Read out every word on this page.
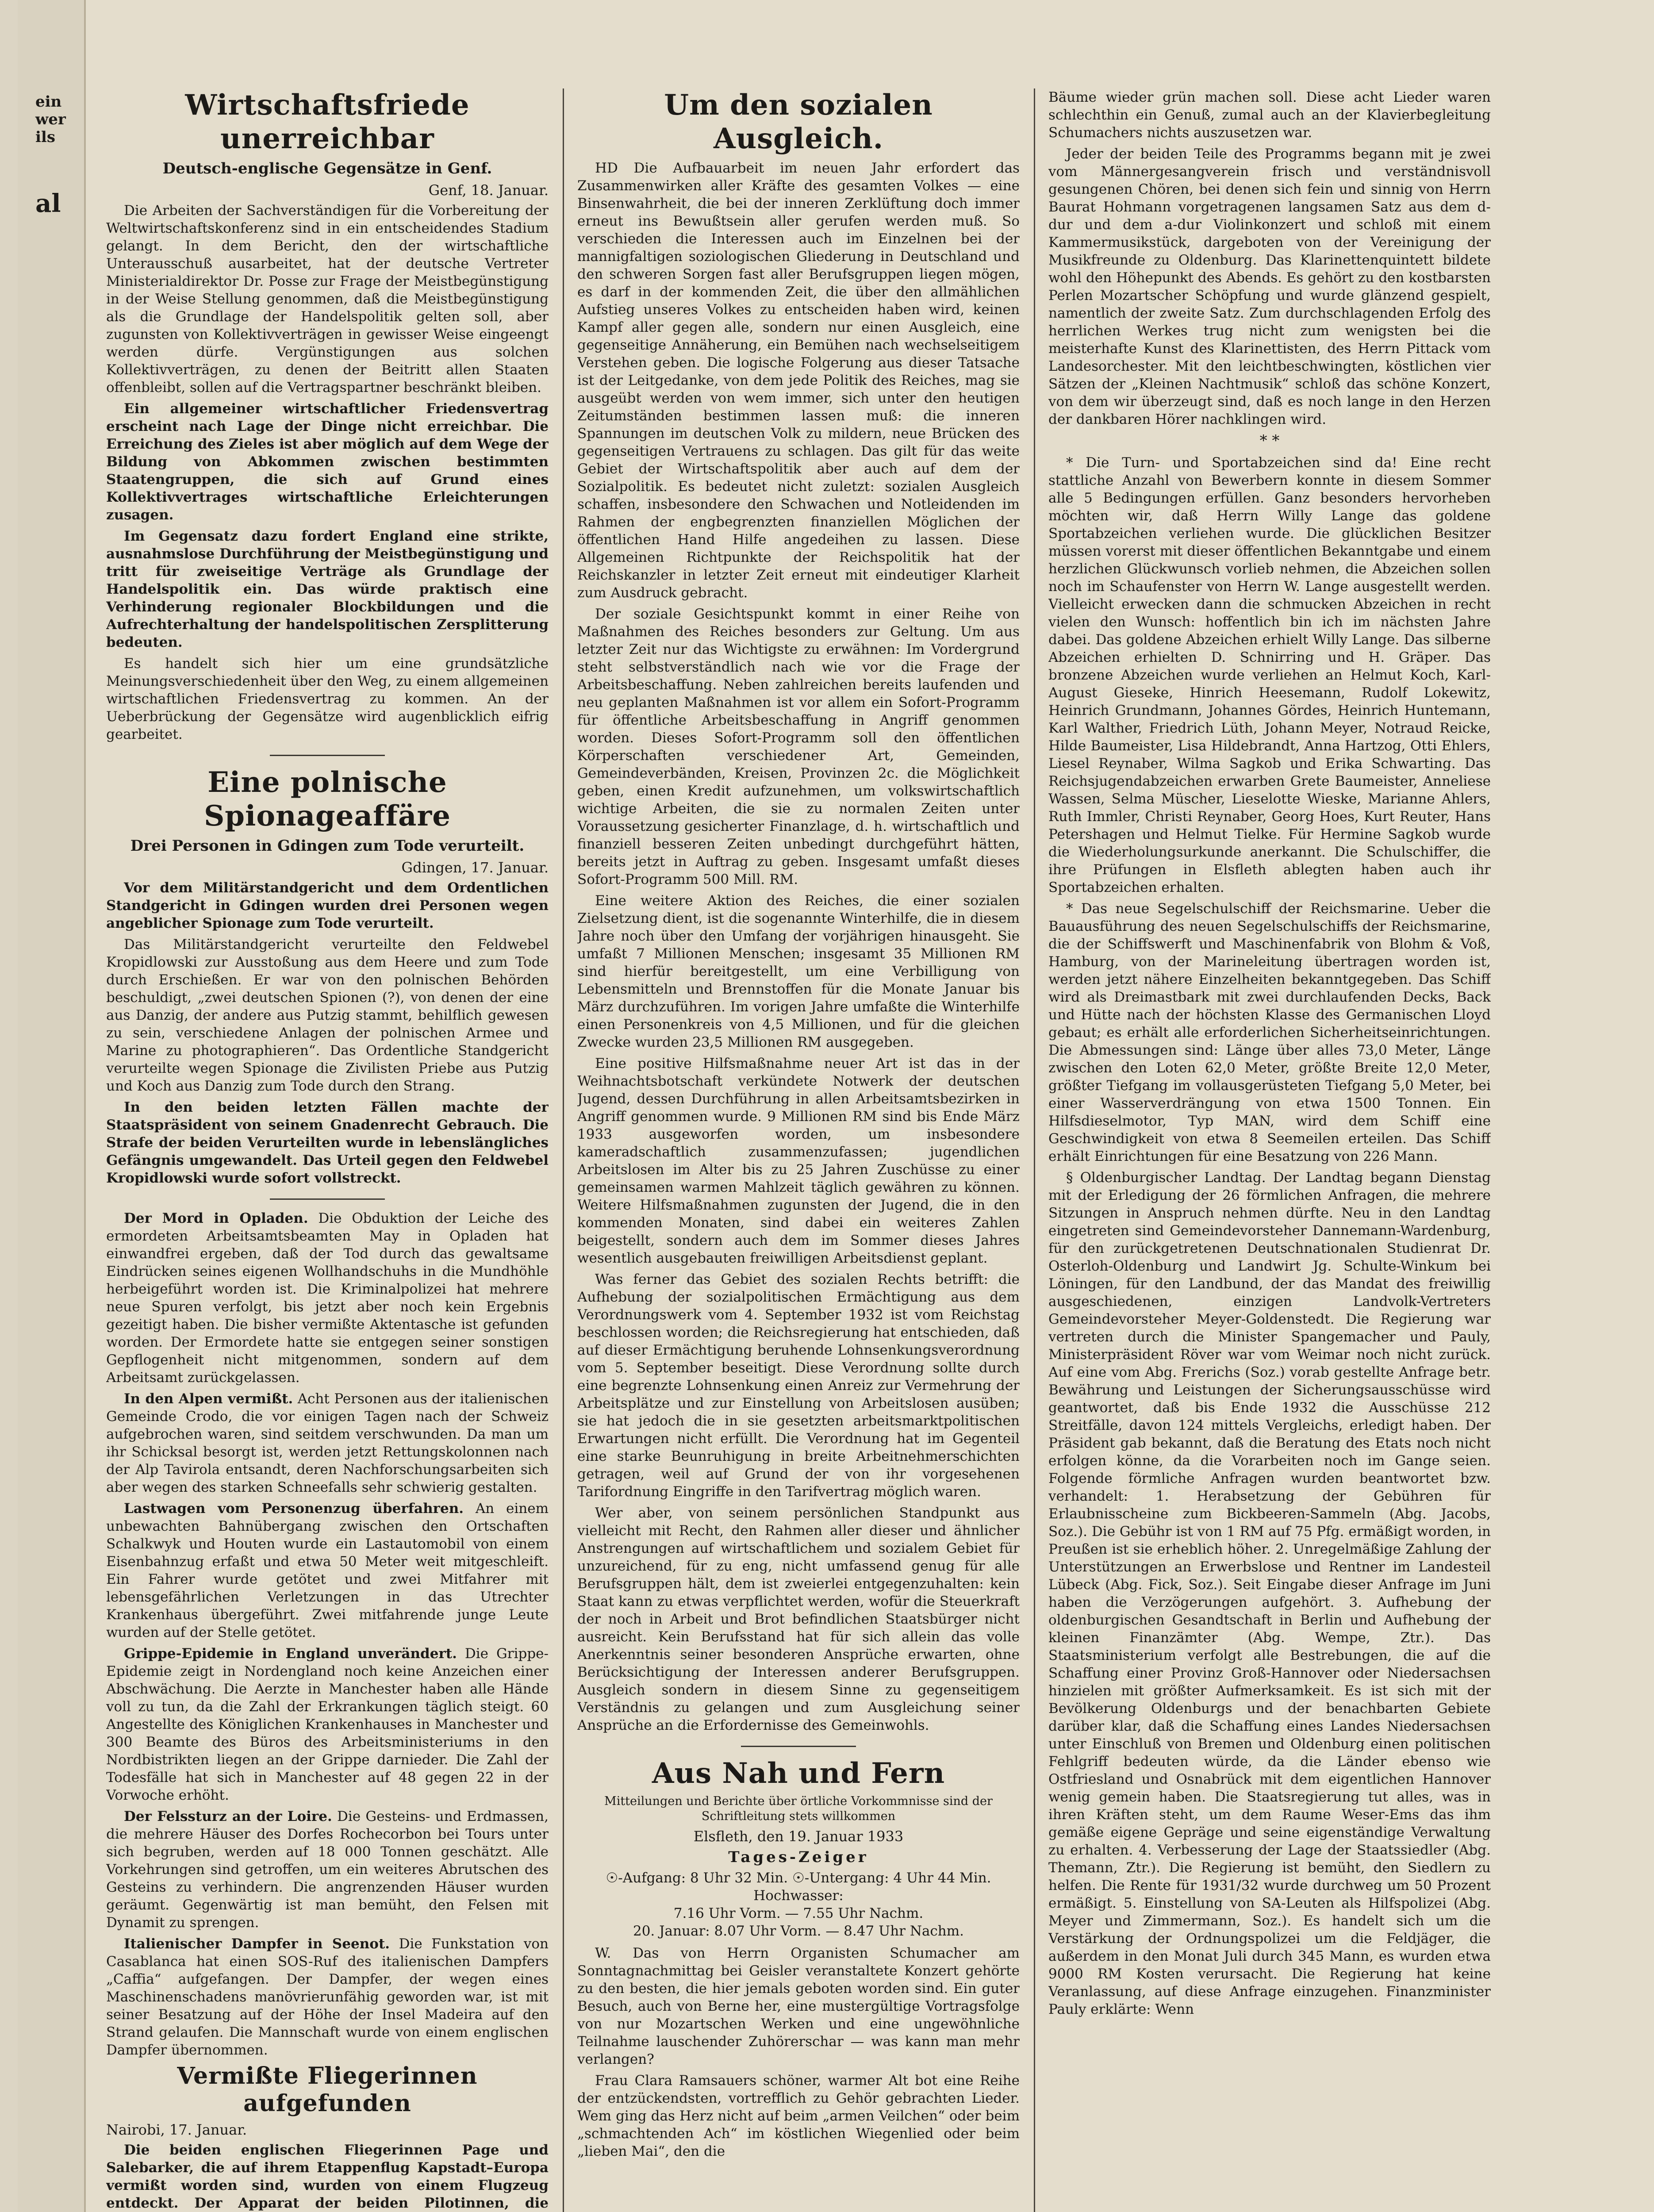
ein
wer
ils
al
Wirtschaftsfriede unerreichbar
Deutsch-englische Gegensätze in Genf.
Genf, 18. Januar.

Die Arbeiten der Sachverständigen für die Vorbereitung der Weltwirtschaftskonferenz sind in ein entscheidendes Stadium gelangt. In dem Bericht, den der wirtschaftliche Unterausschuß ausarbeitet, hat der deutsche Vertreter Ministerialdirektor Dr. Posse zur Frage der Meistbegünstigung in der Weise Stellung genommen, daß die Meistbegünstigung als die Grundlage der Handelspolitik gelten soll, aber zugunsten von Kollektivverträgen in gewisser Weise eingeengt werden dürfe. Vergünstigungen aus solchen Kollektivverträgen, zu denen der Beitritt allen Staaten offenbleibt, sollen auf die Vertragspartner beschränkt bleiben.

Ein allgemeiner wirtschaftlicher Friedensvertrag erscheint nach Lage der Dinge nicht erreichbar. Die Erreichung des Zieles ist aber möglich auf dem Wege der Bildung von Abkommen zwischen bestimmten Staatengruppen, die sich auf Grund eines Kollektivvertrages wirtschaftliche Erleichterungen zusagen.

Im Gegensatz dazu fordert England eine strikte, ausnahmslose Durchführung der Meistbegünstigung und tritt für zweiseitige Verträge als Grundlage der Handelspolitik ein. Das würde praktisch eine Verhinderung regionaler Blockbildungen und die Aufrechterhaltung der handelspolitischen Zersplitterung bedeuten.

Es handelt sich hier um eine grundsätzliche Meinungsverschiedenheit über den Weg, zu einem allgemeinen wirtschaftlichen Friedensvertrag zu kommen. An der Ueberbrückung der Gegensätze wird augenblicklich eifrig gearbeitet.

Eine polnische Spionageaffäre
Drei Personen in Gdingen zum Tode verurteilt.
Gdingen, 17. Januar.

Vor dem Militärstandgericht und dem Ordentlichen Standgericht in Gdingen wurden drei Personen wegen angeblicher Spionage zum Tode verurteilt.

Das Militärstandgericht verurteilte den Feldwebel Kropidlowski zur Ausstoßung aus dem Heere und zum Tode durch Erschießen. Er war von den polnischen Behörden beschuldigt, „zwei deutschen Spionen (?), von denen der eine aus Danzig, der andere aus Putzig stammt, behilflich gewesen zu sein, verschiedene Anlagen der polnischen Armee und Marine zu photographieren“. Das Ordentliche Standgericht verurteilte wegen Spionage die Zivilisten Priebe aus Putzig und Koch aus Danzig zum Tode durch den Strang.

In den beiden letzten Fällen machte der Staatspräsident von seinem Gnadenrecht Gebrauch. Die Strafe der beiden Verurteilten wurde in lebenslängliches Gefängnis umgewandelt. Das Urteil gegen den Feldwebel Kropidlowski wurde sofort vollstreckt.

Der Mord in Opladen. Die Obduktion der Leiche des ermordeten Arbeitsamtsbeamten May in Opladen hat einwandfrei ergeben, daß der Tod durch das gewaltsame Eindrücken seines eigenen Wollhandschuhs in die Mundhöhle herbeigeführt worden ist. Die Kriminalpolizei hat mehrere neue Spuren verfolgt, bis jetzt aber noch kein Ergebnis gezeitigt haben. Die bisher vermißte Aktentasche ist gefunden worden. Der Ermordete hatte sie entgegen seiner sonstigen Gepflogenheit nicht mitgenommen, sondern auf dem Arbeitsamt zurückgelassen.

In den Alpen vermißt. Acht Personen aus der italienischen Gemeinde Crodo, die vor einigen Tagen nach der Schweiz aufgebrochen waren, sind seitdem verschwunden. Da man um ihr Schicksal besorgt ist, werden jetzt Rettungskolonnen nach der Alp Tavirola entsandt, deren Nachforschungsarbeiten sich aber wegen des starken Schneefalls sehr schwierig gestalten.

Lastwagen vom Personenzug überfahren. An einem unbewachten Bahnübergang zwischen den Ortschaften Schalkwyk und Houten wurde ein Lastautomobil von einem Eisenbahnzug erfaßt und etwa 50 Meter weit mitgeschleift. Ein Fahrer wurde getötet und zwei Mitfahrer mit lebensgefährlichen Verletzungen in das Utrechter Krankenhaus übergeführt. Zwei mitfahrende junge Leute wurden auf der Stelle getötet.

Grippe-Epidemie in England unverändert. Die Grippe-Epidemie zeigt in Nordengland noch keine Anzeichen einer Abschwächung. Die Aerzte in Manchester haben alle Hände voll zu tun, da die Zahl der Erkrankungen täglich steigt. 60 Angestellte des Königlichen Krankenhauses in Manchester und 300 Beamte des Büros des Arbeitsministeriums in den Nordbistrikten liegen an der Grippe darnieder. Die Zahl der Todesfälle hat sich in Manchester auf 48 gegen 22 in der Vorwoche erhöht.

Der Felssturz an der Loire. Die Gesteins- und Erdmassen, die mehrere Häuser des Dorfes Rochecorbon bei Tours unter sich begruben, werden auf 18 000 Tonnen geschätzt. Alle Vorkehrungen sind getroffen, um ein weiteres Abrutschen des Gesteins zu verhindern. Die angrenzenden Häuser wurden geräumt. Gegenwärtig ist man bemüht, den Felsen mit Dynamit zu sprengen.

Italienischer Dampfer in Seenot. Die Funkstation von Casablanca hat einen SOS-Ruf des italienischen Dampfers „Caffia“ aufgefangen. Der Dampfer, der wegen eines Maschinenschadens manövrierunfähig geworden war, ist mit seiner Besatzung auf der Höhe der Insel Madeira auf den Strand gelaufen. Die Mannschaft wurde von einem englischen Dampfer übernommen.

Vermißte Fliegerinnen aufgefunden
Nairobi, 17. Januar.

Die beiden englischen Fliegerinnen Page und Salebarker, die auf ihrem Etappenflug Kapstadt–Europa vermißt worden sind, wurden von einem Flugzeug entdeckt. Der Apparat der beiden Pilotinnen, die

Um den sozialen Ausgleich.

HD Die Aufbauarbeit im neuen Jahr erfordert das Zusammenwirken aller Kräfte des gesamten Volkes — eine Binsenwahrheit, die bei der inneren Zerklüftung doch immer erneut ins Bewußtsein aller gerufen werden muß. So verschieden die Interessen auch im Einzelnen bei der mannigfaltigen soziologischen Gliederung in Deutschland und den schweren Sorgen fast aller Berufsgruppen liegen mögen, es darf in der kommenden Zeit, die über den allmählichen Aufstieg unseres Volkes zu entscheiden haben wird, keinen Kampf aller gegen alle, sondern nur einen Ausgleich, eine gegenseitige Annäherung, ein Bemühen nach wechselseitigem Verstehen geben. Die logische Folgerung aus dieser Tatsache ist der Leitgedanke, von dem jede Politik des Reiches, mag sie ausgeübt werden von wem immer, sich unter den heutigen Zeitumständen bestimmen lassen muß: die inneren Spannungen im deutschen Volk zu mildern, neue Brücken des gegenseitigen Vertrauens zu schlagen. Das gilt für das weite Gebiet der Wirtschaftspolitik aber auch auf dem der Sozialpolitik. Es bedeutet nicht zuletzt: sozialen Ausgleich schaffen, insbesondere den Schwachen und Notleidenden im Rahmen der engbegrenzten finanziellen Möglichen der öffentlichen Hand Hilfe angedeihen zu lassen. Diese Allgemeinen Richtpunkte der Reichspolitik hat der Reichskanzler in letzter Zeit erneut mit eindeutiger Klarheit zum Ausdruck gebracht.

Der soziale Gesichtspunkt kommt in einer Reihe von Maßnahmen des Reiches besonders zur Geltung. Um aus letzter Zeit nur das Wichtigste zu erwähnen: Im Vordergrund steht selbstverständlich nach wie vor die Frage der Arbeitsbeschaffung. Neben zahlreichen bereits laufenden und neu geplanten Maßnahmen ist vor allem ein Sofort-Programm für öffentliche Arbeitsbeschaffung in Angriff genommen worden. Dieses Sofort-Programm soll den öffentlichen Körperschaften verschiedener Art, Gemeinden, Gemeindeverbänden, Kreisen, Provinzen 2c. die Möglichkeit geben, einen Kredit aufzunehmen, um volkswirtschaftlich wichtige Arbeiten, die sie zu normalen Zeiten unter Voraussetzung gesicherter Finanzlage, d. h. wirtschaftlich und finanziell besseren Zeiten unbedingt durchgeführt hätten, bereits jetzt in Auftrag zu geben. Insgesamt umfaßt dieses Sofort-Programm 500 Mill. RM.

Eine weitere Aktion des Reiches, die einer sozialen Zielsetzung dient, ist die sogenannte Winterhilfe, die in diesem Jahre noch über den Umfang der vorjährigen hinausgeht. Sie umfaßt 7 Millionen Menschen; insgesamt 35 Millionen RM sind hierfür bereitgestellt, um eine Verbilligung von Lebensmitteln und Brennstoffen für die Monate Januar bis März durchzuführen. Im vorigen Jahre umfaßte die Winterhilfe einen Personenkreis von 4,5 Millionen, und für die gleichen Zwecke wurden 23,5 Millionen RM ausgegeben.

Eine positive Hilfsmaßnahme neuer Art ist das in der Weihnachtsbotschaft verkündete Notwerk der deutschen Jugend, dessen Durchführung in allen Arbeitsamtsbezirken in Angriff genommen wurde. 9 Millionen RM sind bis Ende März 1933 ausgeworfen worden, um insbesondere kameradschaftlich zusammenzufassen; jugendlichen Arbeitslosen im Alter bis zu 25 Jahren Zuschüsse zu einer gemeinsamen warmen Mahlzeit täglich gewähren zu können. Weitere Hilfsmaßnahmen zugunsten der Jugend, die in den kommenden Monaten, sind dabei ein weiteres Zahlen beigestellt, sondern auch dem im Sommer dieses Jahres wesentlich ausgebauten freiwilligen Arbeitsdienst geplant.

Was ferner das Gebiet des sozialen Rechts betrifft: die Aufhebung der sozialpolitischen Ermächtigung aus dem Verordnungswerk vom 4. September 1932 ist vom Reichstag beschlossen worden; die Reichsregierung hat entschieden, daß auf dieser Ermächtigung beruhende Lohnsenkungsverordnung vom 5. September beseitigt. Diese Verordnung sollte durch eine begrenzte Lohnsenkung einen Anreiz zur Vermehrung der Arbeitsplätze und zur Einstellung von Arbeitslosen ausüben; sie hat jedoch die in sie gesetzten arbeitsmarktpolitischen Erwartungen nicht erfüllt. Die Verordnung hat im Gegenteil eine starke Beunruhigung in breite Arbeitnehmerschichten getragen, weil auf Grund der von ihr vorgesehenen Tarifordnung Eingriffe in den Tarifvertrag möglich waren.

Wer aber, von seinem persönlichen Standpunkt aus vielleicht mit Recht, den Rahmen aller dieser und ähnlicher Anstrengungen auf wirtschaftlichem und sozialem Gebiet für unzureichend, für zu eng, nicht umfassend genug für alle Berufsgruppen hält, dem ist zweierlei entgegenzuhalten: kein Staat kann zu etwas verpflichtet werden, wofür die Steuerkraft der noch in Arbeit und Brot befindlichen Staatsbürger nicht ausreicht. Kein Berufsstand hat für sich allein das volle Anerkenntnis seiner besonderen Ansprüche erwarten, ohne Berücksichtigung der Interessen anderer Berufsgruppen. Ausgleich sondern in diesem Sinne zu gegenseitigem Verständnis zu gelangen und zum Ausgleichung seiner Ansprüche an die Erfordernisse des Gemeinwohls.

Aus Nah und Fern

Mitteilungen und Berichte über örtliche Vorkommnisse sind der Schriftleitung stets willkommen

Elsfleth, den 19. Januar 1933
Tages-Zeiger

☉-Aufgang: 8 Uhr 32 Min. ☉-Untergang: 4 Uhr 44 Min.

Hochwasser:

7.16 Uhr Vorm. — 7.55 Uhr Nachm.

20. Januar: 8.07 Uhr Vorm. — 8.47 Uhr Nachm.

W. Das von Herrn Organisten Schumacher am Sonntagnachmittag bei Geisler veranstaltete Konzert gehörte zu den besten, die hier jemals geboten worden sind. Ein guter Besuch, auch von Berne her, eine mustergültige Vortragsfolge von nur Mozartschen Werken und eine ungewöhnliche Teilnahme lauschender Zuhörerschar — was kann man mehr verlangen?

Frau Clara Ramsauers schöner, warmer Alt bot eine Reihe der entzückendsten, vortrefflich zu Gehör gebrachten Lieder. Wem ging das Herz nicht auf beim „armen Veilchen“ oder beim „schmachtenden Ach“ im köstlichen Wiegenlied oder beim „lieben Mai“, den die

Bäume wieder grün machen soll. Diese acht Lieder waren schlechthin ein Genuß, zumal auch an der Klavierbegleitung Schumachers nichts auszusetzen war.

Jeder der beiden Teile des Programms begann mit je zwei vom Männergesangverein frisch und verständnisvoll gesungenen Chören, bei denen sich fein und sinnig von Herrn Baurat Hohmann vorgetragenen langsamen Satz aus dem d-dur und dem a-dur Violinkonzert und schloß mit einem Kammermusikstück, dargeboten von der Vereinigung der Musikfreunde zu Oldenburg. Das Klarinettenquintett bildete wohl den Höhepunkt des Abends. Es gehört zu den kostbarsten Perlen Mozartscher Schöpfung und wurde glänzend gespielt, namentlich der zweite Satz. Zum durchschlagenden Erfolg des herrlichen Werkes trug nicht zum wenigsten bei die meisterhafte Kunst des Klarinettisten, des Herrn Pittack vom Landesorchester. Mit den leichtbeschwingten, köstlichen vier Sätzen der „Kleinen Nachtmusik“ schloß das schöne Konzert, von dem wir überzeugt sind, daß es noch lange in den Herzen der dankbaren Hörer nachklingen wird.

* *

* Die Turn- und Sportabzeichen sind da! Eine recht stattliche Anzahl von Bewerbern konnte in diesem Sommer alle 5 Bedingungen erfüllen. Ganz besonders hervorheben möchten wir, daß Herrn Willy Lange das goldene Sportabzeichen verliehen wurde. Die glücklichen Besitzer müssen vorerst mit dieser öffentlichen Bekanntgabe und einem herzlichen Glückwunsch vorlieb nehmen, die Abzeichen sollen noch im Schaufenster von Herrn W. Lange ausgestellt werden. Vielleicht erwecken dann die schmucken Abzeichen in recht vielen den Wunsch: hoffentlich bin ich im nächsten Jahre dabei. Das goldene Abzeichen erhielt Willy Lange. Das silberne Abzeichen erhielten D. Schnirring und H. Gräper. Das bronzene Abzeichen wurde verliehen an Helmut Koch, Karl-August Gieseke, Hinrich Heesemann, Rudolf Lokewitz, Heinrich Grundmann, Johannes Gördes, Heinrich Huntemann, Karl Walther, Friedrich Lüth, Johann Meyer, Notraud Reicke, Hilde Baumeister, Lisa Hildebrandt, Anna Hartzog, Otti Ehlers, Liesel Reynaber, Wilma Sagkob und Erika Schwarting. Das Reichsjugendabzeichen erwarben Grete Baumeister, Anneliese Wassen, Selma Müscher, Lieselotte Wieske, Marianne Ahlers, Ruth Immler, Christi Reynaber, Georg Hoes, Kurt Reuter, Hans Petershagen und Helmut Tielke. Für Hermine Sagkob wurde die Wiederholungsurkunde anerkannt. Die Schulschiffer, die ihre Prüfungen in Elsfleth ablegten haben auch ihr Sportabzeichen erhalten.

* Das neue Segelschulschiff der Reichsmarine. Ueber die Bauausführung des neuen Segelschulschiffs der Reichsmarine, die der Schiffswerft und Maschinenfabrik von Blohm & Voß, Hamburg, von der Marineleitung übertragen worden ist, werden jetzt nähere Einzelheiten bekanntgegeben. Das Schiff wird als Dreimastbark mit zwei durchlaufenden Decks, Back und Hütte nach der höchsten Klasse des Germanischen Lloyd gebaut; es erhält alle erforderlichen Sicherheitseinrichtungen. Die Abmessungen sind: Länge über alles 73,0 Meter, Länge zwischen den Loten 62,0 Meter, größte Breite 12,0 Meter, größter Tiefgang im vollausgerüsteten Tiefgang 5,0 Meter, bei einer Wasserverdrängung von etwa 1500 Tonnen. Ein Hilfsdieselmotor, Typ MAN, wird dem Schiff eine Geschwindigkeit von etwa 8 Seemeilen erteilen. Das Schiff erhält Einrichtungen für eine Besatzung von 226 Mann.

§ Oldenburgischer Landtag. Der Landtag begann Dienstag mit der Erledigung der 26 förmlichen Anfragen, die mehrere Sitzungen in Anspruch nehmen dürfte. Neu in den Landtag eingetreten sind Gemeindevorsteher Dannemann-Wardenburg, für den zurückgetretenen Deutschnationalen Studienrat Dr. Osterloh-Oldenburg und Landwirt Jg. Schulte-Winkum bei Löningen, für den Landbund, der das Mandat des freiwillig ausgeschiedenen, einzigen Landvolk-Vertreters Gemeindevorsteher Meyer-Goldenstedt. Die Regierung war vertreten durch die Minister Spangemacher und Pauly, Ministerpräsident Röver war vom Weimar noch nicht zurück. Auf eine vom Abg. Frerichs (Soz.) vorab gestellte Anfrage betr. Bewährung und Leistungen der Sicherungsausschüsse wird geantwortet, daß bis Ende 1932 die Ausschüsse 212 Streitfälle, davon 124 mittels Vergleichs, erledigt haben. Der Präsident gab bekannt, daß die Beratung des Etats noch nicht erfolgen könne, da die Vorarbeiten noch im Gange seien. Folgende förmliche Anfragen wurden beantwortet bzw. verhandelt: 1. Herabsetzung der Gebühren für Erlaubnisscheine zum Bickbeeren-Sammeln (Abg. Jacobs, Soz.). Die Gebühr ist von 1 RM auf 75 Pfg. ermäßigt worden, in Preußen ist sie erheblich höher. 2. Unregelmäßige Zahlung der Unterstützungen an Erwerbslose und Rentner im Landesteil Lübeck (Abg. Fick, Soz.). Seit Eingabe dieser Anfrage im Juni haben die Verzögerungen aufgehört. 3. Aufhebung der oldenburgischen Gesandtschaft in Berlin und Aufhebung der kleinen Finanzämter (Abg. Wempe, Ztr.). Das Staatsministerium verfolgt alle Bestrebungen, die auf die Schaffung einer Provinz Groß-Hannover oder Niedersachsen hinzielen mit größter Aufmerksamkeit. Es ist sich mit der Bevölkerung Oldenburgs und der benachbarten Gebiete darüber klar, daß die Schaffung eines Landes Niedersachsen unter Einschluß von Bremen und Oldenburg einen politischen Fehlgriff bedeuten würde, da die Länder ebenso wie Ostfriesland und Osnabrück mit dem eigentlichen Hannover wenig gemein haben. Die Staatsregierung tut alles, was in ihren Kräften steht, um dem Raume Weser-Ems das ihm gemäße eigene Gepräge und seine eigenständige Verwaltung zu erhalten. 4. Verbesserung der Lage der Staatssiedler (Abg. Themann, Ztr.). Die Regierung ist bemüht, den Siedlern zu helfen. Die Rente für 1931/32 wurde durchweg um 50 Prozent ermäßigt. 5. Einstellung von SA-Leuten als Hilfspolizei (Abg. Meyer und Zimmermann, Soz.). Es handelt sich um die Verstärkung der Ordnungspolizei um die Feldjäger, die außerdem in den Monat Juli durch 345 Mann, es wurden etwa 9000 RM Kosten verursacht. Die Regierung hat keine Veranlassung, auf diese Anfrage einzugehen. Finanzminister Pauly erklärte: Wenn
